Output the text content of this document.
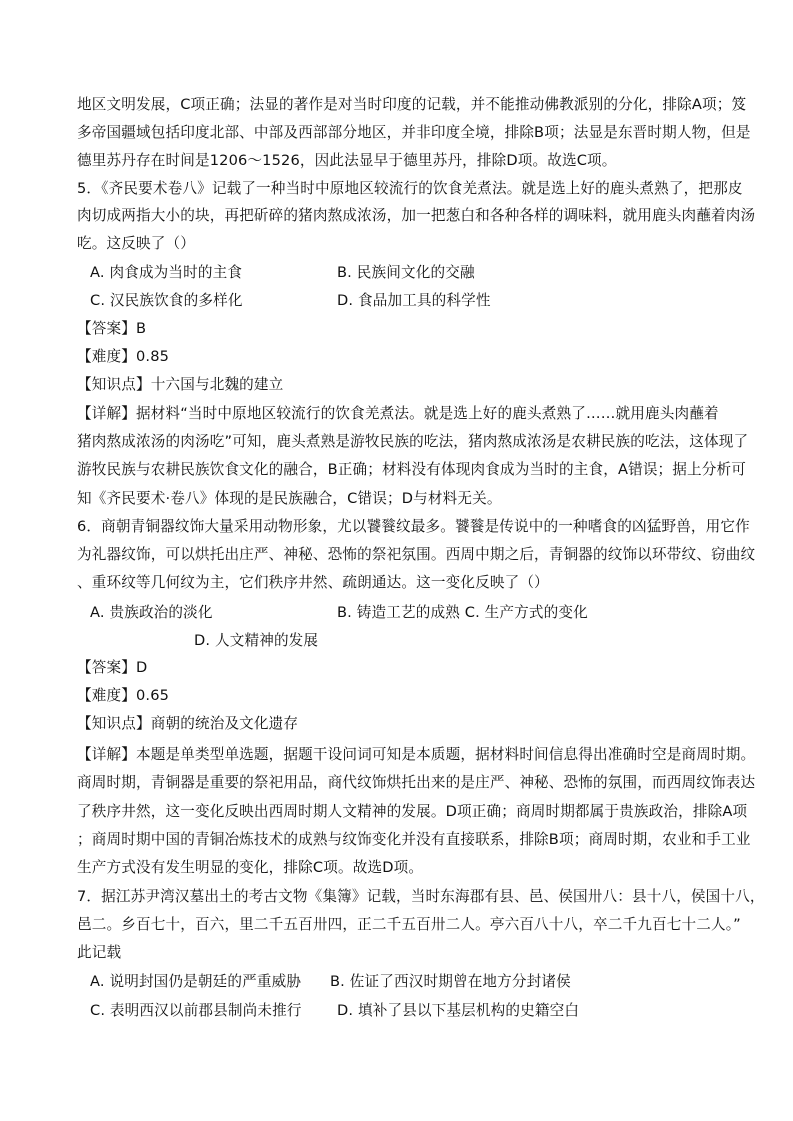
地区文明发展，C项正确；法显的著作是对当时印度的记载，并不能推动佛教派别的分化，排除A项；笈
多帝国疆域包括印度北部、中部及西部部分地区，并非印度全境，排除B项；法显是东晋时期人物，但是
德里苏丹存在时间是1206～1526，因此法显早于德里苏丹，排除D项。故选C项。
5．《齐民要术卷八》记载了一种当时中原地区较流行的饮食羌煮法。就是选上好的鹿头煮熟了，把那皮
肉切成两指大小的块，再把斫碎的猪肉熬成浓汤，加一把葱白和各种各样的调味料，就用鹿头肉蘸着肉汤
吃。这反映了（）
A. 肉食成为当时的主食	B. 民族间文化的交融
C. 汉民族饮食的多样化	D. 食品加工具的科学性
【答案】B
【难度】0.85
【知识点】十六国与北魏的建立
【详解】据材料“当时中原地区较流行的饮食羌煮法。就是选上好的鹿头煮熟了……就用鹿头肉蘸着
猪肉熬成浓汤的肉汤吃”可知，鹿头煮熟是游牧民族的吃法，猪肉熬成浓汤是农耕民族的吃法，这体现了
游牧民族与农耕民族饮食文化的融合，B正确；材料没有体现肉食成为当时的主食，A错误；据上分析可
知《齐民要术·卷八》体现的是民族融合，C错误；D与材料无关。
6．商朝青铜器纹饰大量采用动物形象，尤以饕餮纹最多。饕餮是传说中的一种嗜食的凶猛野兽，用它作
为礼器纹饰，可以烘托出庄严、神秘、恐怖的祭祀氛围。西周中期之后，青铜器的纹饰以环带纹、窃曲纹
、重环纹等几何纹为主，它们秩序井然、疏朗通达。这一变化反映了（）
A. 贵族政治的淡化	B. 铸造工艺的成熟 C. 生产方式的变化
D. 人文精神的发展
【答案】D
【难度】0.65
【知识点】商朝的统治及文化遗存
【详解】本题是单类型单选题，据题干设问词可知是本质题，据材料时间信息得出准确时空是商周时期。
商周时期，青铜器是重要的祭祀用品，商代纹饰烘托出来的是庄严、神秘、恐怖的氛围，而西周纹饰表达
了秩序井然，这一变化反映出西周时期人文精神的发展。D项正确；商周时期都属于贵族政治，排除A项
；商周时期中国的青铜冶炼技术的成熟与纹饰变化并没有直接联系，排除B项；商周时期，农业和手工业
生产方式没有发生明显的变化，排除C项。故选D项。
7．据江苏尹湾汉墓出土的考古文物《集簿》记载，当时东海郡有县、邑、侯国卅八：县十八，侯国十八，
邑二。乡百七十，百六，里二千五百卅四，正二千五百卅二人。亭六百八十八，卒二千九百七十二人。”
此记载
A. 说明封国仍是朝廷的严重威胁 B. 佐证了西汉时期曾在地方分封诸侯
C. 表明西汉以前郡县制尚未推行 D. 填补了县以下基层机构的史籍空白
